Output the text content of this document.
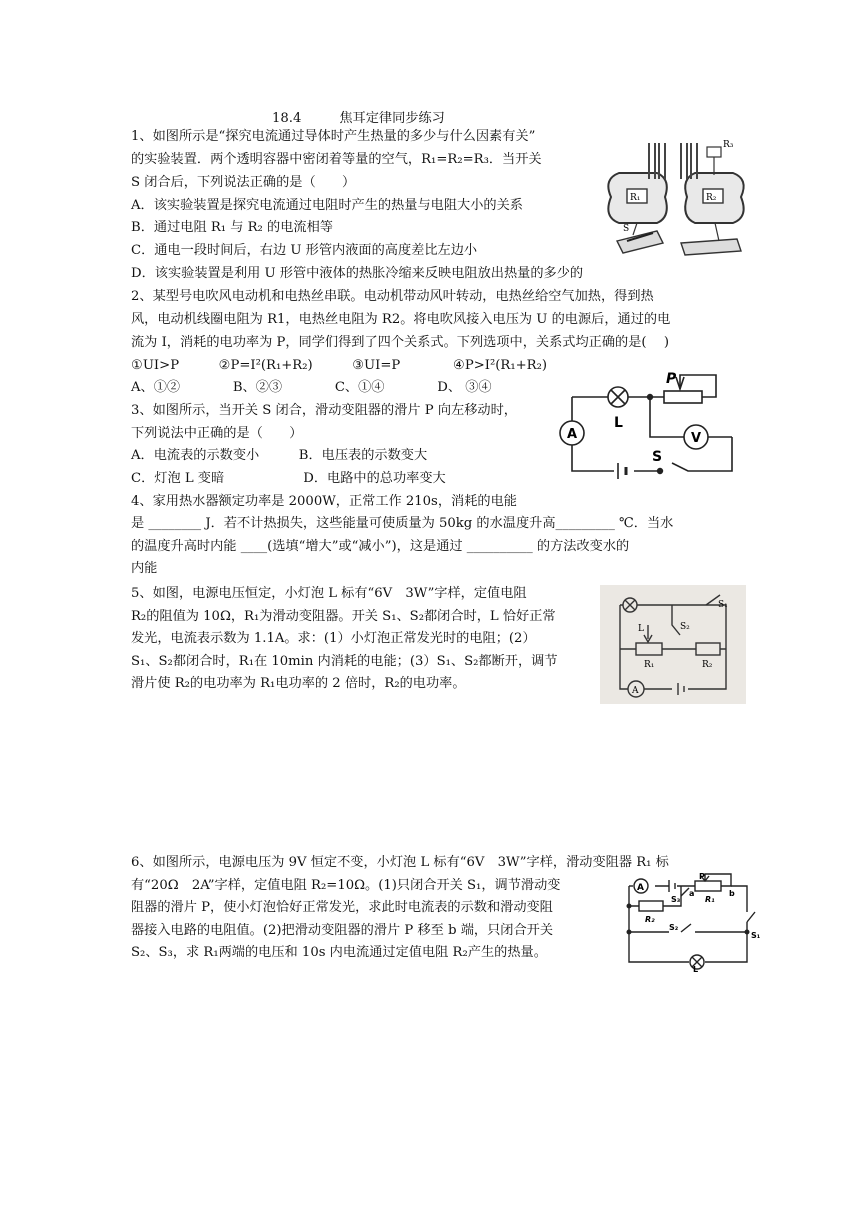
18.4	焦耳定律同步练习
1、如图所示是“探究电流通过导体时产生热量的多少与什么因素有关”
的实验装置．两个透明容器中密闭着等量的空气，R₁=R₂=R₃．当开关
S 闭合后，下列说法正确的是（　　）
A．该实验装置是探究电流通过电阻时产生的热量与电阻大小的关系
B．通过电阻 R₁ 与 R₂ 的电流相等
C．通电一段时间后，右边 U 形管内液面的高度差比左边小
D．该实验装置是利用 U 形管中液体的热胀冷缩来反映电阻放出热量的多少的
R₁	R₂
R₃
S
2、某型号电吹风电动机和电热丝串联。电动机带动风叶转动，电热丝给空气加热，得到热
风，电动机线圈电阻为 R1，电热丝电阻为 R2。将电吹风接入电压为 U 的电源后，通过的电
流为 I，消耗的电功率为 P，同学们得到了四个关系式。下列选项中，关系式均正确的是(　 )
①UI>P　　　②P=I²(R₁+R₂)　　　③UI=P　　　　④P>I²(R₁+R₂)
A、①②　　　　B、②③　　　　C、①④　　　　D、 ③④
3、如图所示，当开关 S 闭合，滑动变阻器的滑片 P 向左移动时，
下列说法中正确的是（　　）
A．电流表的示数变小　　　B．电压表的示数变大
C．灯泡 L 变暗　　　　　　D．电路中的总功率变大
A
L
P
V
S
4、家用热水器额定功率是 2000W，正常工作 210s，消耗的电能
是 ________ J．若不计热损失，这些能量可使质量为 50kg 的水温度升高_________ ℃．当水
的温度升高时内能 ____(选填“增大”或“减小”)，这是通过 __________ 的方法改变水的
内能
5、如图，电源电压恒定，小灯泡 L 标有“6V　3W”字样，定值电阻
R₂的阻值为 10Ω，R₁为滑动变阻器。开关 S₁、S₂都闭合时，L 恰好正常
发光，电流表示数为 1.1A。求：(1）小灯泡正常发光时的电阻；(2）
S₁、S₂都闭合时，R₁在 10min 内消耗的电能；(3）S₁、S₂都断开，调节
滑片使 R₂的电功率为 R₁电功率的 2 倍时，R₂的电功率。
L
S₁
S₂
R₁	R₂
A
6、如图所示，电源电压为 9V 恒定不变，小灯泡 L 标有“6V　3W”字样，滑动变阻器 R₁ 标
有“20Ω　2A”字样，定值电阻 R₂=10Ω。(1)只闭合开关 S₁，调节滑动变
阻器的滑片 P，使小灯泡恰好正常发光，求此时电流表的示数和滑动变阻
器接入电路的电阻值。(2)把滑动变阻器的滑片 P 移至 b 端，只闭合开关
S₂、S₃，求 R₁两端的电压和 10s 内电流通过定值电阻 R₂产生的热量。
A
P
b
a
S₃	R₁
R₂
S₂
S₁
L
